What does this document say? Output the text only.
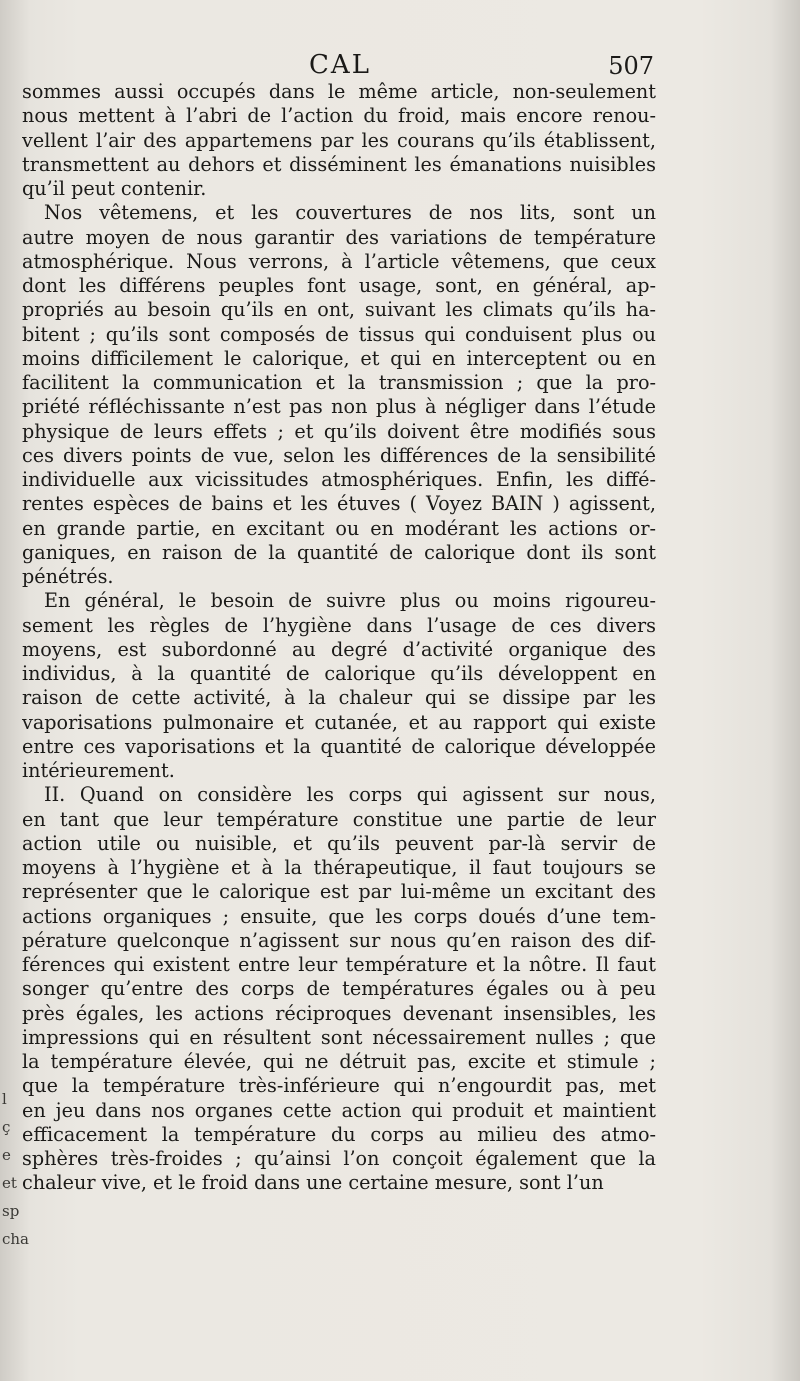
l
ç
e
et
sp
cha
CAL	507
sommes aussi occupés dans le même article, non-seulement
nous mettent à l’abri de l’action du froid, mais encore renou-
vellent l’air des appartemens par les courans qu’ils établissent,
transmettent au dehors et disséminent les émanations nuisibles
qu’il peut contenir.
Nos vêtemens, et les couvertures de nos lits, sont un
autre moyen de nous garantir des variations de température
atmosphérique. Nous verrons, à l’article vêtemens, que ceux
dont les différens peuples font usage, sont, en général, ap-
propriés au besoin qu’ils en ont, suivant les climats qu’ils ha-
bitent ; qu’ils sont composés de tissus qui conduisent plus ou
moins difficilement le calorique, et qui en interceptent ou en
facilitent la communication et la transmission ; que la pro-
priété réfléchissante n’est pas non plus à négliger dans l’étude
physique de leurs effets ; et qu’ils doivent être modifiés sous
ces divers points de vue, selon les différences de la sensibilité
individuelle aux vicissitudes atmosphériques. Enfin, les diffé-
rentes espèces de bains et les étuves ( Voyez BAIN ) agissent,
en grande partie, en excitant ou en modérant les actions or-
ganiques, en raison de la quantité de calorique dont ils sont
pénétrés.
En général, le besoin de suivre plus ou moins rigoureu-
sement les règles de l’hygiène dans l’usage de ces divers
moyens, est subordonné au degré d’activité organique des
individus, à la quantité de calorique qu’ils développent en
raison de cette activité, à la chaleur qui se dissipe par les
vaporisations pulmonaire et cutanée, et au rapport qui existe
entre ces vaporisations et la quantité de calorique développée
intérieurement.
II. Quand on considère les corps qui agissent sur nous,
en tant que leur température constitue une partie de leur
action utile ou nuisible, et qu’ils peuvent par-là servir de
moyens à l’hygiène et à la thérapeutique, il faut toujours se
représenter que le calorique est par lui-même un excitant des
actions organiques ; ensuite, que les corps doués d’une tem-
pérature quelconque n’agissent sur nous qu’en raison des dif-
férences qui existent entre leur température et la nôtre. Il faut
songer qu’entre des corps de températures égales ou à peu
près égales, les actions réciproques devenant insensibles, les
impressions qui en résultent sont nécessairement nulles ; que
la température élevée, qui ne détruit pas, excite et stimule ;
que la température très-inférieure qui n’engourdit pas, met
en jeu dans nos organes cette action qui produit et maintient
efficacement la température du corps au milieu des atmo-
sphères très-froides ; qu’ainsi l’on conçoit également que la
chaleur vive, et le froid dans une certaine mesure, sont l’un
